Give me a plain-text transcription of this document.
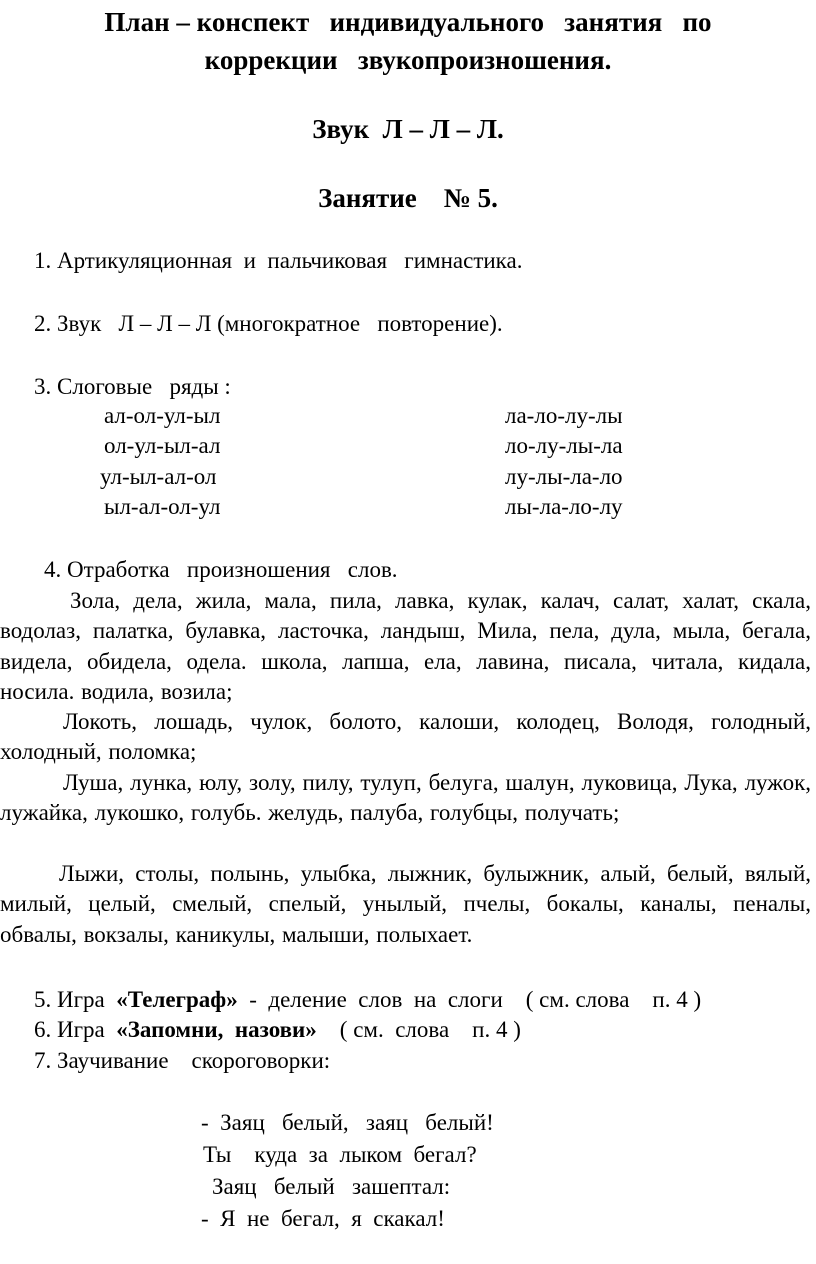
План – конспект   индивидуального   занятия   по
коррекции   звукопроизношения.
Звук  Л – Л – Л.
Занятие    № 5.
1. Артикуляционная  и  пальчиковая   гимнастика.
2. Звук   Л – Л – Л (многократное   повторение).
3. Слоговые   ряды :
ал-ол-ул-ыл
ол-ул-ыл-ал
ул-ыл-ал-ол
ыл-ал-ол-ул
ла-ло-лу-лы
ло-лу-лы-ла
лу-лы-ла-ло
лы-ла-ло-лу
4. Отработка   произношения   слов.
Зола, дела, жила, мала, пила, лавка, кулак, калач, салат, халат, скала, водолаз, палатка, булавка, ласточка, ландыш, Мила, пела, дула, мыла, бегала, видела, обидела, одела. школа, лапша, ела, лавина, писала, читала, кидала, носила. водила, возила;
Локоть, лошадь, чулок, болото, калоши, колодец, Володя, голодный, холодный, поломка;
Луша, лунка, юлу, золу, пилу, тулуп, белуга, шалун, луковица, Лука, лужок, лужайка, лукошко, голубь. желудь, палуба, голубцы, получать;
Лыжи, столы, полынь, улыбка, лыжник, булыжник, алый, белый, вялый, милый, целый, смелый, спелый, унылый, пчелы, бокалы, каналы, пеналы, обвалы, вокзалы, каникулы, малыши, полыхает.
5. Игра «Телеграф» -  деление  слов  на  слоги    ( см. слова    п. 4 )
6. Игра «Запомни,  назови» ( см.  слова    п. 4 )
7. Заучивание    скороговорки:
-  Заяц   белый,   заяц   белый!
Ты    куда  за  лыком  бегал?
Заяц   белый   зашептал:
-  Я  не  бегал,  я  скакал!
